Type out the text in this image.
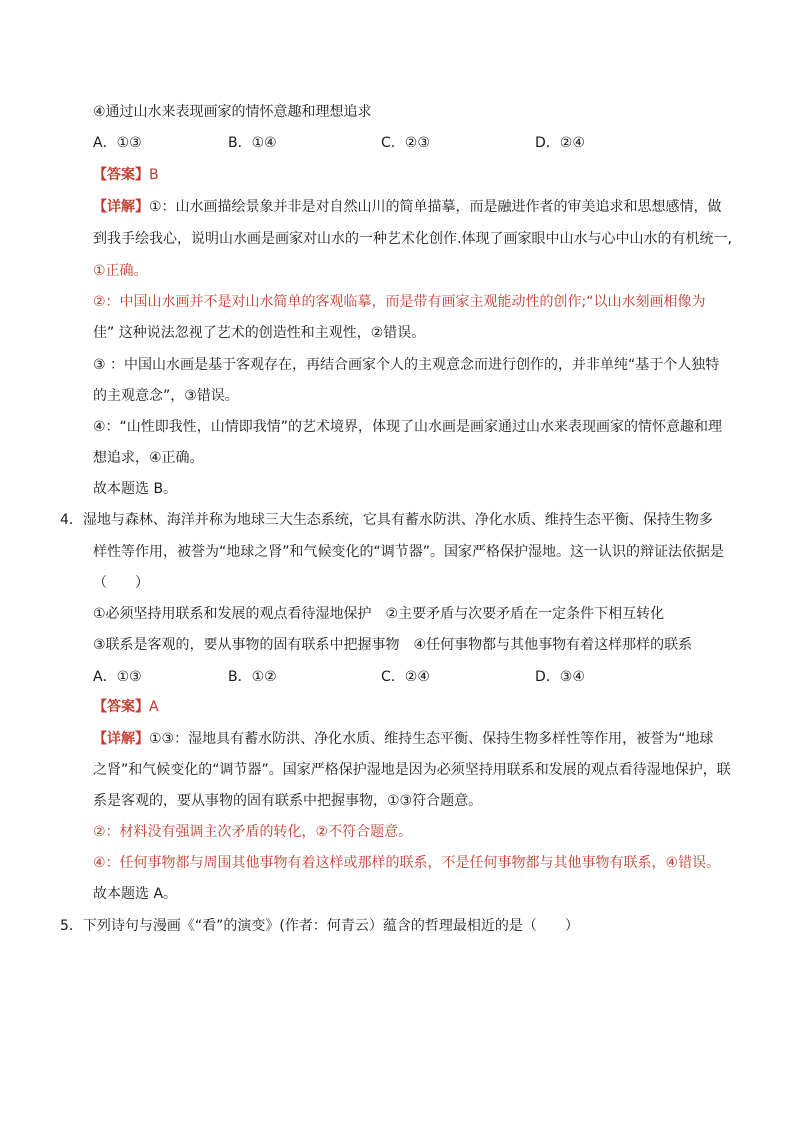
④通过山水来表现画家的情怀意趣和理想追求
A．①③	B．①④	C．②③	D．②④
【答案】B
【详解】①：山水画描绘景象并非是对自然山川的简单描摹，而是融进作者的审美追求和思想感情，做
到我手绘我心，说明山水画是画家对山水的一种艺术化创作.体现了画家眼中山水与心中山水的有机统一,
①正确。
②：中国山水画并不是对山水简单的客观临摹，而是带有画家主观能动性的创作;“以山水刻画相像为
佳” 这种说法忽视了艺术的创造性和主观性，②错误。
③ ：中国山水画是基于客观存在，再结合画家个人的主观意念而进行创作的，并非单纯“基于个人独特
的主观意念”，③错误。
④：“山性即我性，山情即我情”的艺术境界，体现了山水画是画家通过山水来表现画家的情怀意趣和理
想追求，④正确。
故本题选 B。
4．湿地与森林、海洋并称为地球三大生态系统，它具有蓄水防洪、净化水质、维持生态平衡、保持生物多
样性等作用，被誉为“地球之肾”和气候变化的“调节器”。国家严格保护湿地。这一认识的辩证法依据是
（　　）
①必须坚持用联系和发展的观点看待湿地保护　②主要矛盾与次要矛盾在一定条件下相互转化
③联系是客观的，要从事物的固有联系中把握事物　④任何事物都与其他事物有着这样那样的联系
A．①③	B．①②	C．②④	D．③④
【答案】A
【详解】①③：湿地具有蓄水防洪、净化水质、维持生态平衡、保持生物多样性等作用，被誉为“地球
之肾”和气候变化的“调节器”。国家严格保护湿地是因为必须坚持用联系和发展的观点看待湿地保护，联
系是客观的，要从事物的固有联系中把握事物，①③符合题意。
②：材料没有强调主次矛盾的转化，②不符合题意。
④：任何事物都与周围其他事物有着这样或那样的联系，不是任何事物都与其他事物有联系，④错误。
故本题选 A。
5．下列诗句与漫画《“看”的演变》(作者：何青云）蕴含的哲理最相近的是（　　）
